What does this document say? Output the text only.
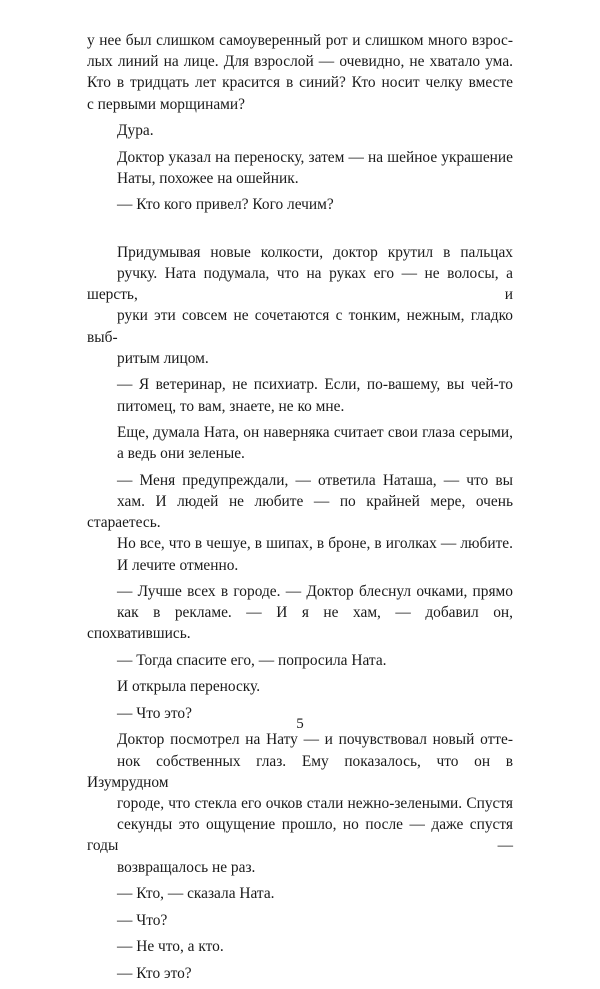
у нее был слишком самоуверенный рот и слишком много взрос-
лых линий на лице. Для взрослой — очевидно, не хватало ума.
Кто в тридцать лет красится в синий? Кто носит челку вместе
с первыми морщинами?
Дура.
Доктор указал на переноску, затем — на шейное украшение
Наты, похожее на ошейник.
— Кто кого привел? Кого лечим?
Придумывая новые колкости, доктор крутил в пальцах
ручку. Ната подумала, что на руках его — не волосы, а шерсть, и
руки эти совсем не сочетаются с тонким, нежным, гладко выб-
ритым лицом.
— Я ветеринар, не психиатр. Если, по-вашему, вы чей-то
питомец, то вам, знаете, не ко мне.
Еще, думала Ната, он наверняка считает свои глаза серыми,
а ведь они зеленые.
— Меня предупреждали, — ответила Наташа, — что вы
хам. И людей не любите — по крайней мере, очень стараетесь.
Но все, что в чешуе, в шипах, в броне, в иголках — любите.
И лечите отменно.
— Лучше всех в городе. — Доктор блеснул очками, прямо
как в рекламе. — И я не хам, — добавил он, спохватившись.
— Тогда спасите его, — попросила Ната.
И открыла переноску.
— Что это?
Доктор посмотрел на Нату — и почувствовал новый отте-
нок собственных глаз. Ему показалось, что он в Изумрудном
городе, что стекла его очков стали нежно-зелеными. Спустя
секунды это ощущение прошло, но после — даже спустя годы —
возвращалось не раз.
— Кто, — сказала Ната.
— Что?
— Не что, а кто.
— Кто это?
5
